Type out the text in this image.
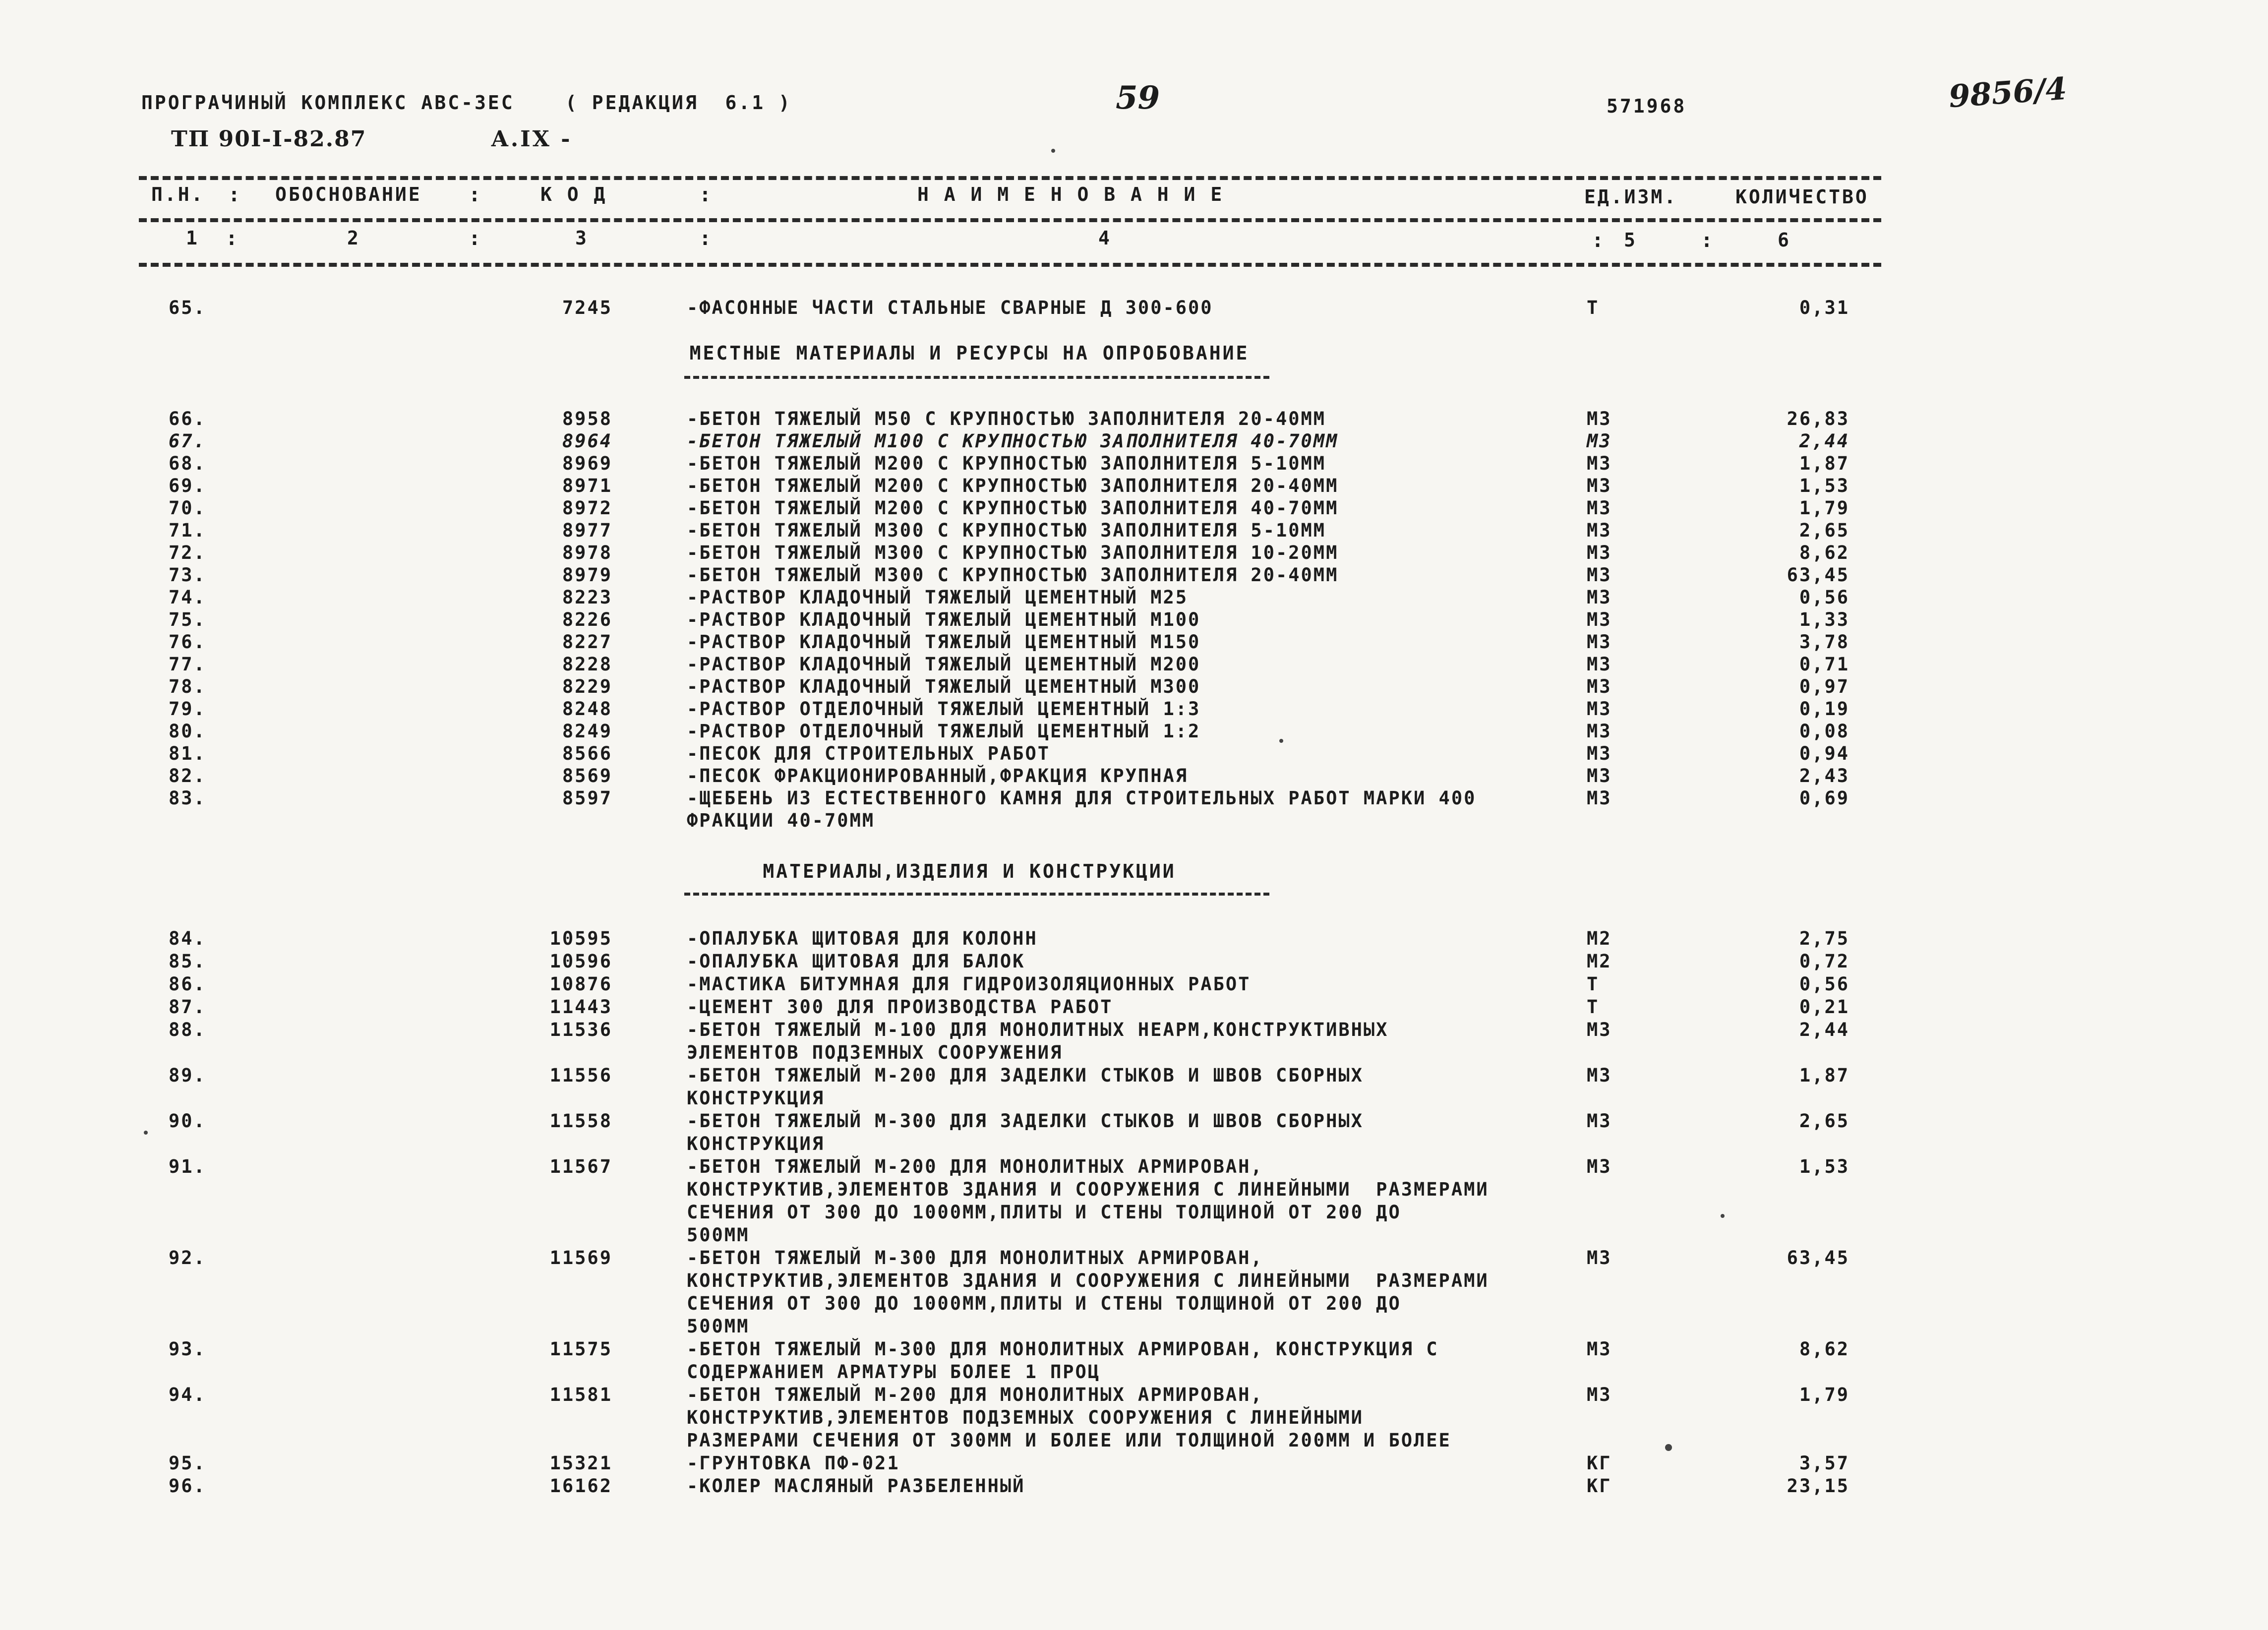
ПРОГРАЧИНЫЙ КОМПЛЕКС АВС-3ЕС	( РЕДАКЦИЯ  6.1 )	59	571968	9856/4
ТП 90I-I-82.87	А.IX -
П.Н. : ОБОСНОВАНИЕ :	К О Д	:	Н А И М Е Н О В А Н И Е	ЕД.ИЗМ.	КОЛИЧЕСТВО
1 :	2	:	3	:	4	: 5	:	6
65.	7245	-ФАСОННЫЕ ЧАСТИ СТАЛЬНЫЕ СВАРНЫЕ Д 300-600	Т	0,31
МЕСТНЫЕ МАТЕРИАЛЫ И РЕСУРСЫ НА ОПРОБОВАНИЕ
66.	8958	-БЕТОН ТЯЖЕЛЫЙ М50 С КРУПНОСТЬЮ ЗАПОЛНИТЕЛЯ 20-40ММ	М3	26,83
67.	8964	-БЕТОН ТЯЖЕЛЫЙ М100 С КРУПНОСТЬЮ ЗАПОЛНИТЕЛЯ 40-70ММ	М3	2,44
68.	8969	-БЕТОН ТЯЖЕЛЫЙ М200 С КРУПНОСТЬЮ ЗАПОЛНИТЕЛЯ 5-10ММ	М3	1,87
69.	8971	-БЕТОН ТЯЖЕЛЫЙ М200 С КРУПНОСТЬЮ ЗАПОЛНИТЕЛЯ 20-40ММ	М3	1,53
70.	8972	-БЕТОН ТЯЖЕЛЫЙ М200 С КРУПНОСТЬЮ ЗАПОЛНИТЕЛЯ 40-70ММ	М3	1,79
71.	8977	-БЕТОН ТЯЖЕЛЫЙ М300 С КРУПНОСТЬЮ ЗАПОЛНИТЕЛЯ 5-10ММ	М3	2,65
72.	8978	-БЕТОН ТЯЖЕЛЫЙ М300 С КРУПНОСТЬЮ ЗАПОЛНИТЕЛЯ 10-20ММ	М3	8,62
73.	8979	-БЕТОН ТЯЖЕЛЫЙ М300 С КРУПНОСТЬЮ ЗАПОЛНИТЕЛЯ 20-40ММ	М3	63,45
74.	8223	-РАСТВОР КЛАДОЧНЫЙ ТЯЖЕЛЫЙ ЦЕМЕНТНЫЙ М25	М3	0,56
75.	8226	-РАСТВОР КЛАДОЧНЫЙ ТЯЖЕЛЫЙ ЦЕМЕНТНЫЙ М100	М3	1,33
76.	8227	-РАСТВОР КЛАДОЧНЫЙ ТЯЖЕЛЫЙ ЦЕМЕНТНЫЙ М150	М3	3,78
77.	8228	-РАСТВОР КЛАДОЧНЫЙ ТЯЖЕЛЫЙ ЦЕМЕНТНЫЙ М200	М3	0,71
78.	8229	-РАСТВОР КЛАДОЧНЫЙ ТЯЖЕЛЫЙ ЦЕМЕНТНЫЙ М300	М3	0,97
79.	8248	-РАСТВОР ОТДЕЛОЧНЫЙ ТЯЖЕЛЫЙ ЦЕМЕНТНЫЙ 1:3	М3	0,19
80.	8249	-РАСТВОР ОТДЕЛОЧНЫЙ ТЯЖЕЛЫЙ ЦЕМЕНТНЫЙ 1:2	М3	0,08
81.	8566	-ПЕСОК ДЛЯ СТРОИТЕЛЬНЫХ РАБОТ	М3	0,94
82.	8569	-ПЕСОК ФРАКЦИОНИРОВАННЫЙ,ФРАКЦИЯ КРУПНАЯ	М3	2,43
83.	8597	-ЩЕБЕНЬ ИЗ ЕСТЕСТВЕННОГО КАМНЯ ДЛЯ СТРОИТЕЛЬНЫХ РАБОТ МАРКИ 400
ФРАКЦИИ 40-70ММ
М3	0,69
МАТЕРИАЛЫ,ИЗДЕЛИЯ И КОНСТРУКЦИИ
84.	10595	-ОПАЛУБКА ЩИТОВАЯ ДЛЯ КОЛОНН	М2	2,75
85.	10596	-ОПАЛУБКА ЩИТОВАЯ ДЛЯ БАЛОК	М2	0,72
86.	10876	-МАСТИКА БИТУМНАЯ ДЛЯ ГИДРОИЗОЛЯЦИОННЫХ РАБОТ	Т	0,56
87.	11443	-ЦЕМЕНТ 300 ДЛЯ ПРОИЗВОДСТВА РАБОТ	Т	0,21
88.	11536	-БЕТОН ТЯЖЕЛЫЙ М-100 ДЛЯ МОНОЛИТНЫХ НЕАРМ,КОНСТРУКТИВНЫХ
ЭЛЕМЕНТОВ ПОДЗЕМНЫХ СООРУЖЕНИЯ
М3	2,44
89.	11556	-БЕТОН ТЯЖЕЛЫЙ М-200 ДЛЯ ЗАДЕЛКИ СТЫКОВ И ШВОВ СБОРНЫХ
КОНСТРУКЦИЯ
М3	1,87
90.	11558	-БЕТОН ТЯЖЕЛЫЙ М-300 ДЛЯ ЗАДЕЛКИ СТЫКОВ И ШВОВ СБОРНЫХ
КОНСТРУКЦИЯ
М3	2,65
91.	11567	-БЕТОН ТЯЖЕЛЫЙ М-200 ДЛЯ МОНОЛИТНЫХ АРМИРОВАН,
КОНСТРУКТИВ,ЭЛЕМЕНТОВ ЗДАНИЯ И СООРУЖЕНИЯ С ЛИНЕЙНЫМИ  РАЗМЕРАМИ
СЕЧЕНИЯ ОТ 300 ДО 1000ММ,ПЛИТЫ И СТЕНЫ ТОЛЩИНОЙ ОТ 200 ДО
500ММ
М3	1,53
92.	11569	-БЕТОН ТЯЖЕЛЫЙ М-300 ДЛЯ МОНОЛИТНЫХ АРМИРОВАН,
КОНСТРУКТИВ,ЭЛЕМЕНТОВ ЗДАНИЯ И СООРУЖЕНИЯ С ЛИНЕЙНЫМИ  РАЗМЕРАМИ
СЕЧЕНИЯ ОТ 300 ДО 1000ММ,ПЛИТЫ И СТЕНЫ ТОЛЩИНОЙ ОТ 200 ДО
500ММ
М3	63,45
93.	11575	-БЕТОН ТЯЖЕЛЫЙ М-300 ДЛЯ МОНОЛИТНЫХ АРМИРОВАН, КОНСТРУКЦИЯ С
СОДЕРЖАНИЕМ АРМАТУРЫ БОЛЕЕ 1 ПРОЦ
М3	8,62
94.	11581	-БЕТОН ТЯЖЕЛЫЙ М-200 ДЛЯ МОНОЛИТНЫХ АРМИРОВАН,
КОНСТРУКТИВ,ЭЛЕМЕНТОВ ПОДЗЕМНЫХ СООРУЖЕНИЯ С ЛИНЕЙНЫМИ
РАЗМЕРАМИ СЕЧЕНИЯ ОТ 300ММ И БОЛЕЕ ИЛИ ТОЛЩИНОЙ 200ММ И БОЛЕЕ
М3	1,79
95.	15321	-ГРУНТОВКА ПФ-021	КГ	3,57
96.	16162	-КОЛЕР МАСЛЯНЫЙ РАЗБЕЛЕННЫЙ	КГ	23,15
